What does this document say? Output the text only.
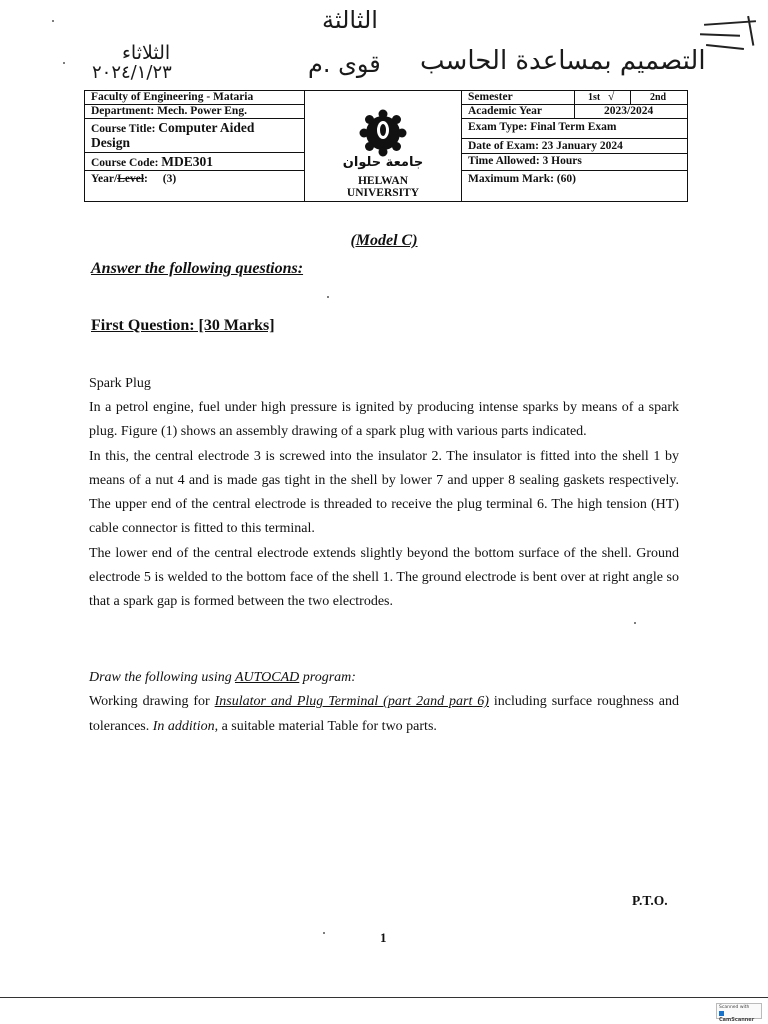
الثالثة
الثلاثاء
٢٠٢٤/١/٢٣	قوى .م التصميم بمساعدة الحاسب
Faculty of Engineering - Mataria
Department: Mech. Power Eng.
Course Title: Computer Aided
Design
Course Code: MDE301
Year/Level: (3)
جامعة حلوان
HELWAN
UNIVERSITY
Semester	1st √	2nd
Academic Year	2023/2024
Exam Type: Final Term Exam
Date of Exam: 23 January 2024
Time Allowed: 3 Hours
Maximum Mark: (60)
(Model C)
Answer the following questions:
First Question: [30 Marks]

Spark Plug

In a petrol engine, fuel under high pressure is ignited by producing intense sparks by means of a spark plug. Figure (1) shows an assembly drawing of a spark plug with various parts indicated.

In this, the central electrode 3 is screwed into the insulator 2. The insulator is fitted into the shell 1 by means of a nut 4 and is made gas tight in the shell by lower 7 and upper 8 sealing gaskets respectively. The upper end of the central electrode is threaded to receive the plug terminal 6. The high tension (HT) cable connector is fitted to this terminal.

The lower end of the central electrode extends slightly beyond the bottom surface of the shell. Ground electrode 5 is welded to the bottom face of the shell 1. The ground electrode is bent over at right angle so that a spark gap is formed between the two electrodes.

Draw the following using AUTOCAD program:

Working drawing for Insulator and Plug Terminal (part 2and part 6) including surface roughness and tolerances. In addition, a suitable material Table for two parts.

P.T.O.
1
Scanned with
CamScanner
